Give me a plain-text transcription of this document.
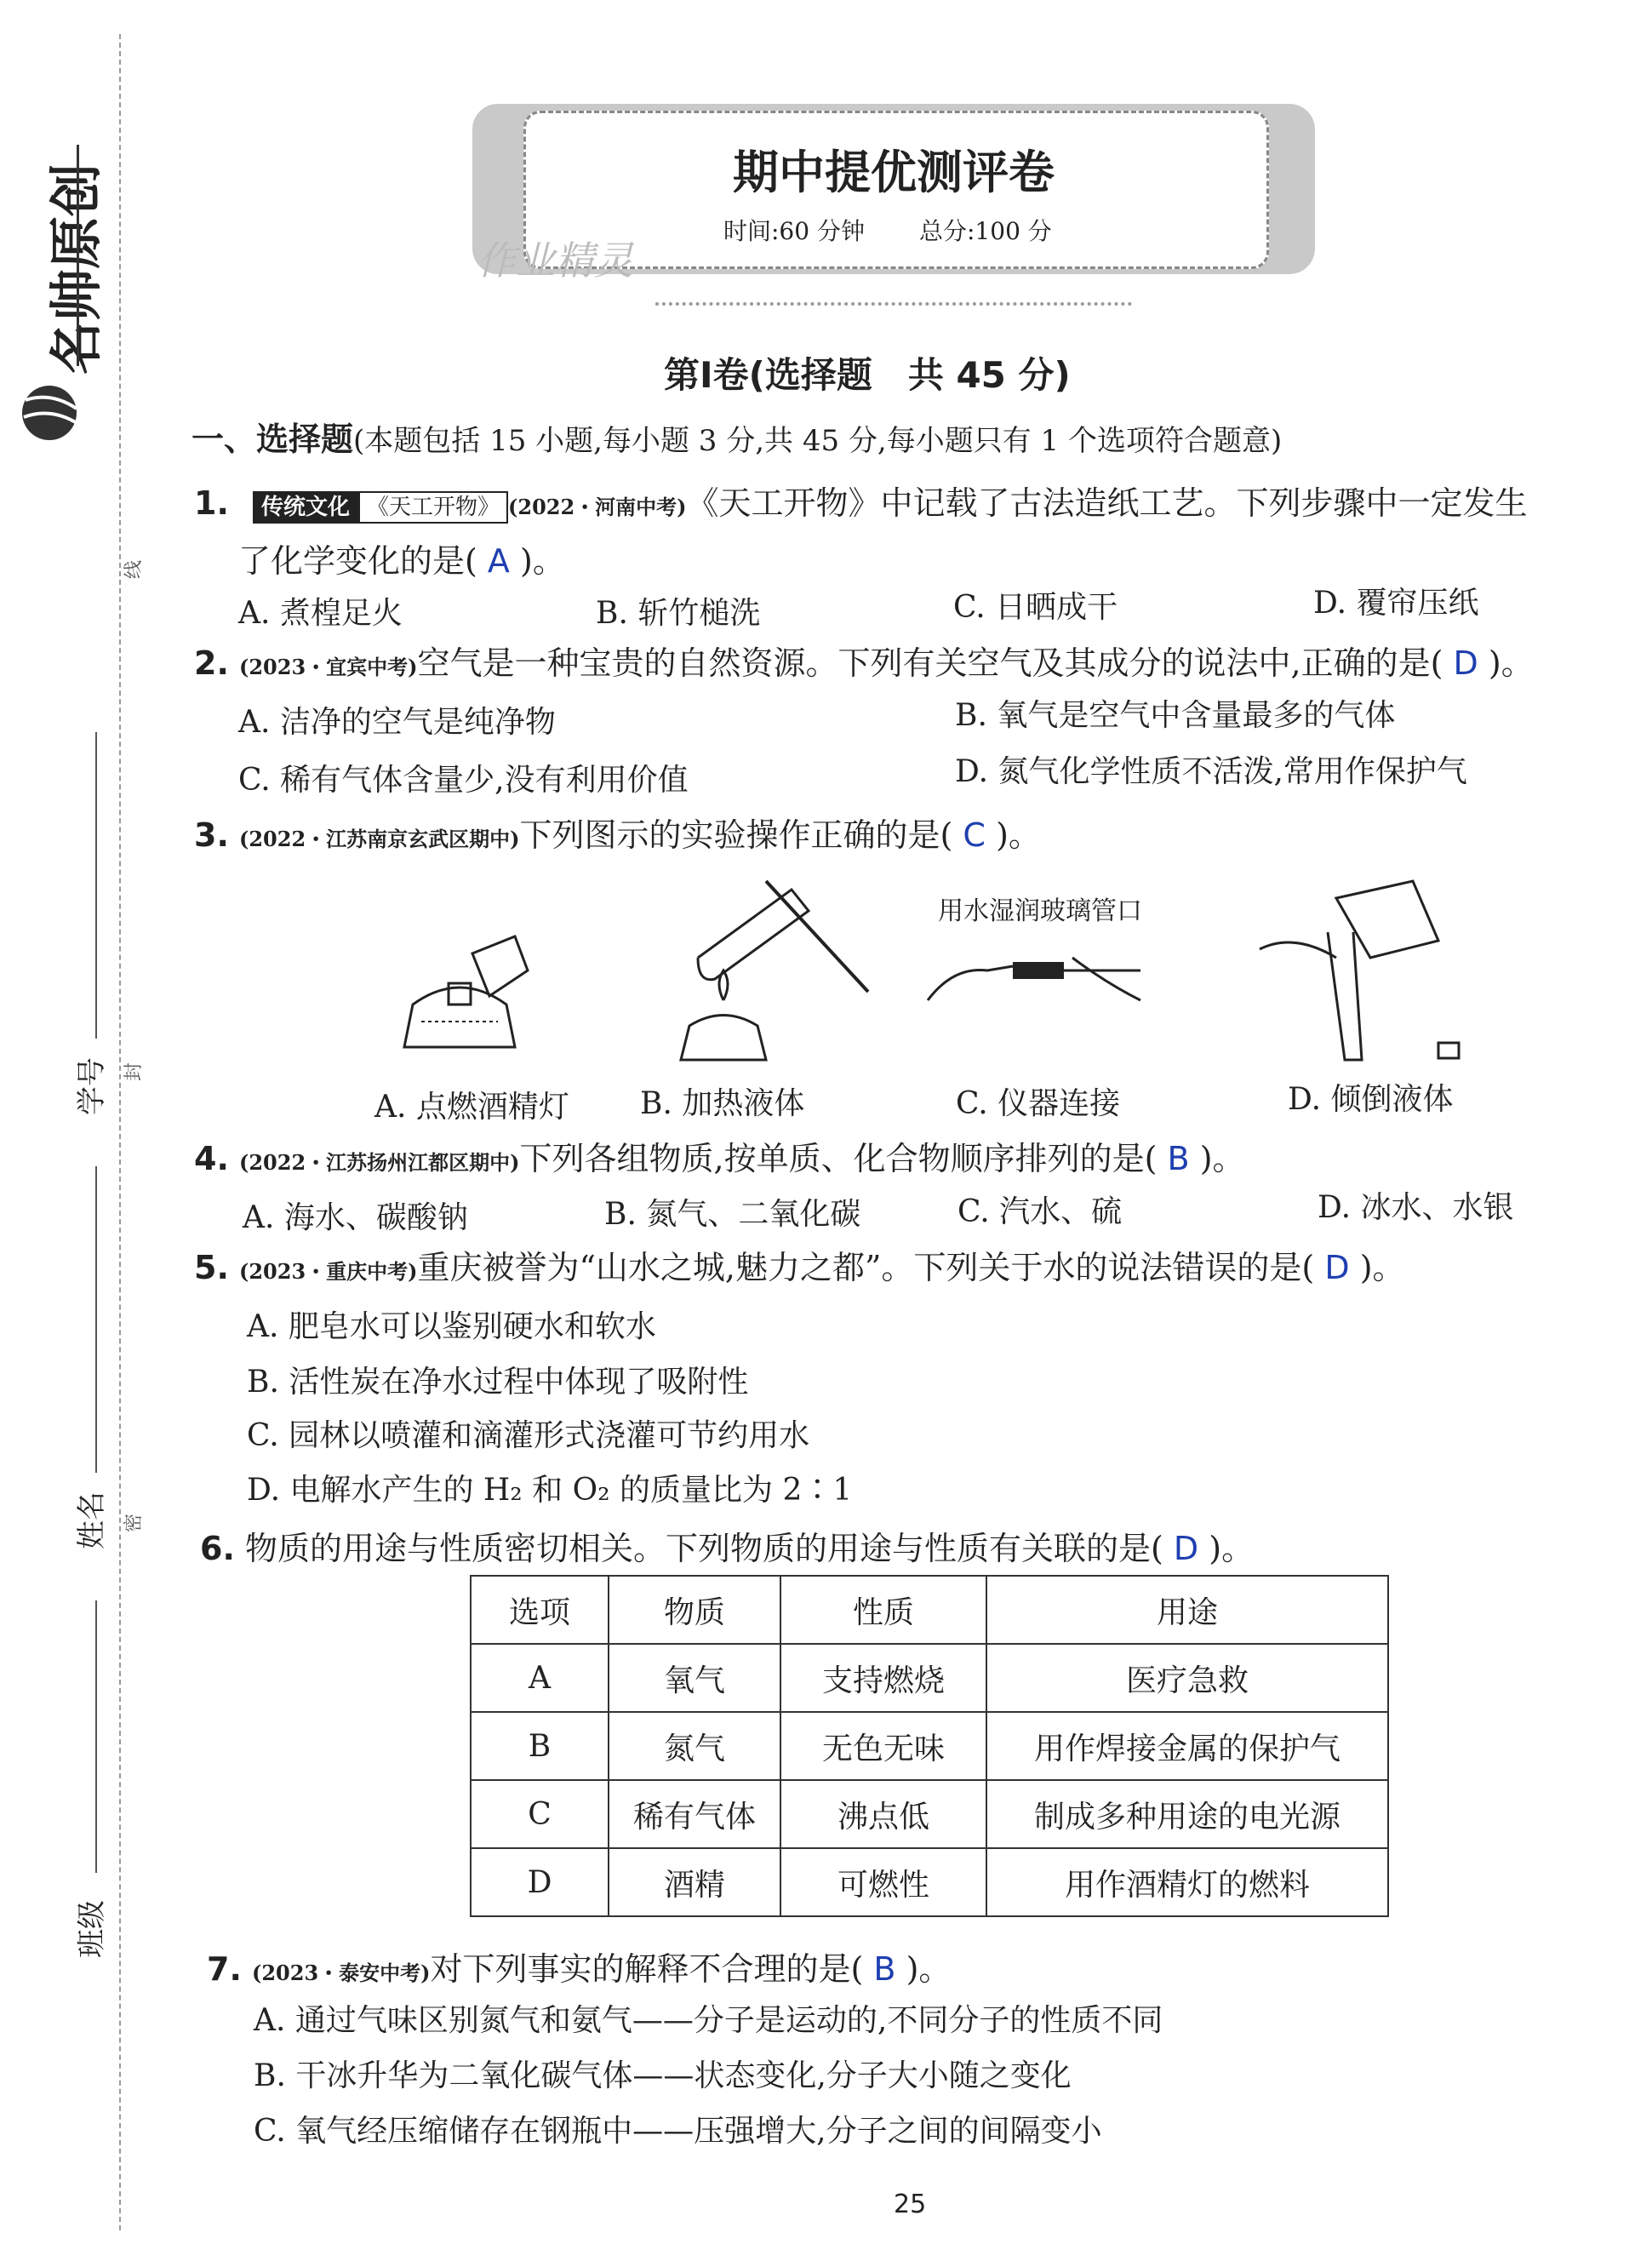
名帅原创
线
封
密
学号
姓名
班级
期中提优测评卷
时间:60 分钟 总分:100 分
作业精灵
第Ⅰ卷(选择题　共 45 分)
一、选择题(本题包括 15 小题,每小题 3 分,共 45 分,每小题只有 1 个选项符合题意)
1. 传统文化 《天工开物》 (2022・河南中考)《天工开物》中记载了古法造纸工艺。下列步骤中一定发生
了化学变化的是( A )。
A. 煮楻足火	B. 斩竹槌洗	C. 日晒成干	D. 覆帘压纸
2. (2023・宜宾中考)空气是一种宝贵的自然资源。下列有关空气及其成分的说法中,正确的是( D )。
A. 洁净的空气是纯净物	B. 氧气是空气中含量最多的气体
C. 稀有气体含量少,没有利用价值	D. 氮气化学性质不活泼,常用作保护气
3. (2022・江苏南京玄武区期中)下列图示的实验操作正确的是( C )。
用水湿润玻璃管口
A. 点燃酒精灯 B. 加热液体	C. 仪器连接	D. 倾倒液体
4. (2022・江苏扬州江都区期中)下列各组物质,按单质、化合物顺序排列的是( B )。
A. 海水、碳酸钠	B. 氮气、二氧化碳	C. 汽水、硫	D. 冰水、水银
5. (2023・重庆中考)重庆被誉为“山水之城,魅力之都”。下列关于水的说法错误的是( D )。
A. 肥皂水可以鉴别硬水和软水
B. 活性炭在净水过程中体现了吸附性
C. 园林以喷灌和滴灌形式浇灌可节约用水
D. 电解水产生的 H₂ 和 O₂ 的质量比为 2∶1
6. 物质的用途与性质密切相关。下列物质的用途与性质有关联的是( D )。
选项	物质	性质	用途
A	氧气	支持燃烧	医疗急救
B	氮气	无色无味	用作焊接金属的保护气
C	稀有气体	沸点低	制成多种用途的电光源
D	酒精	可燃性	用作酒精灯的燃料
7. (2023・泰安中考)对下列事实的解释不合理的是( B )。
A. 通过气味区别氮气和氨气——分子是运动的,不同分子的性质不同
B. 干冰升华为二氧化碳气体——状态变化,分子大小随之变化
C. 氧气经压缩储存在钢瓶中——压强增大,分子之间的间隔变小
25
